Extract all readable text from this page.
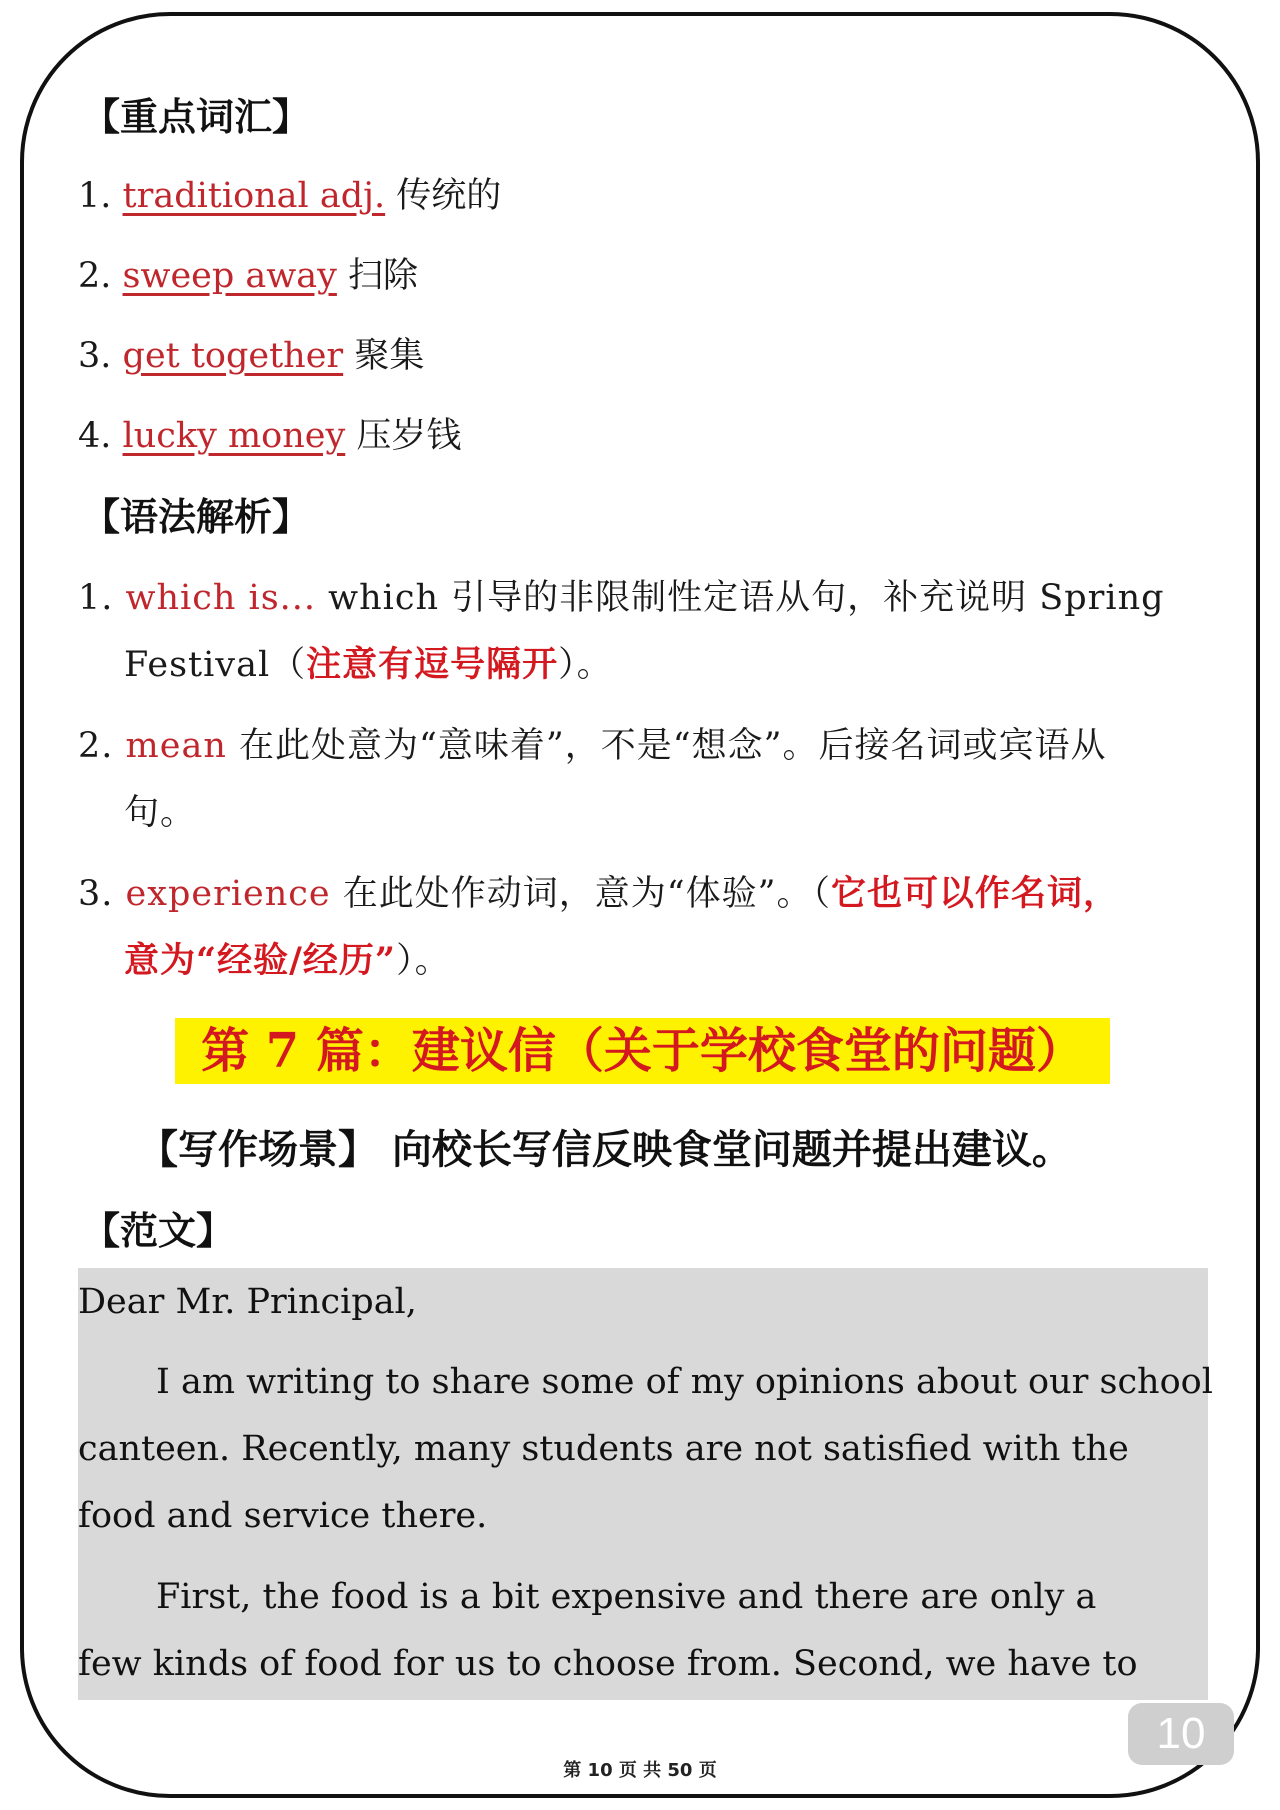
【重点词汇】
1. traditional adj. 传统的
2. sweep away 扫除
3. get together 聚集
4. lucky money 压岁钱
【语法解析】
1. which is... which 引导的非限制性定语从句，补充说明 Spring
Festival（注意有逗号隔开）。
2. mean 在此处意为“意味着”，不是“想念”。后接名词或宾语从
句。
3. experience 在此处作动词，意为“体验”。（它也可以作名词，
意为“经验/经历”）。
第 7 篇：建议信（关于学校食堂的问题）
【写作场景】 向校长写信反映食堂问题并提出建议。
【范文】
Dear Mr. Principal,
I am writing to share some of my opinions about our school
canteen. Recently, many students are not satisfied with the
food and service there.
First, the food is a bit expensive and there are only a
few kinds of food for us to choose from. Second, we have to
10
第 10 页 共 50 页
